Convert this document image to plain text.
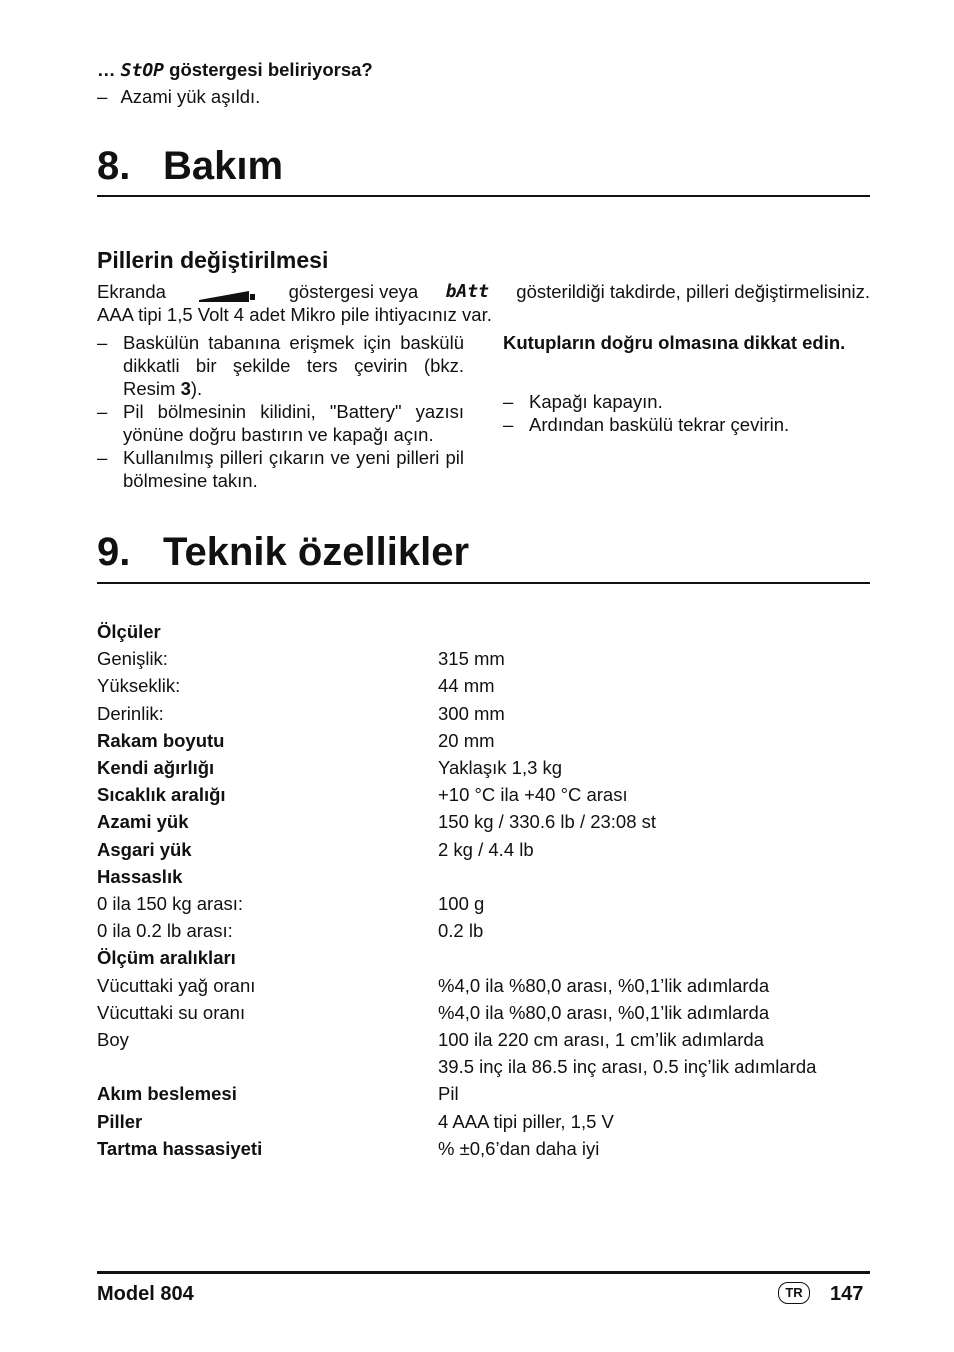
… StOP göstergesi beliriyorsa?
– Azami yük aşıldı.
8. Bakım
Pillerin değiştirilmesi
Ekranda	göstergesi veya bAtt gösterildiği takdirde, pilleri değiştirmelisiniz.
AAA tipi 1,5 Volt 4 adet Mikro pile ihtiyacınız var.
– Baskülün tabanına erişmek için baskülü dikkatli bir şekilde ters çevirin (bkz. Resim 3).
– Pil bölmesinin kilidini, "Battery" yazısı yönüne doğru bastırın ve kapağı açın.
– Kullanılmış pilleri çıkarın ve yeni pilleri pil bölmesine takın.
Kutupların doğru olmasına dikkat edin.
– Kapağı kapayın.
– Ardından baskülü tekrar çevirin.
9. Teknik özellikler
Ölçüler
Genişlik:	315 mm
Yükseklik:	44 mm
Derinlik:	300 mm
Rakam boyutu	20 mm
Kendi ağırlığı	Yaklaşık 1,3 kg
Sıcaklık aralığı	+10 °C ila +40 °C arası
Azami yük	150 kg / 330.6 lb / 23:08 st
Asgari yük	2 kg / 4.4 lb
Hassaslık
0 ila 150 kg arası:	100 g
0 ila 0.2 lb arası:	0.2 lb
Ölçüm aralıkları
Vücuttaki yağ oranı	%4,0 ila %80,0 arası, %0,1’lik adımlarda
Vücuttaki su oranı	%4,0 ila %80,0 arası, %0,1’lik adımlarda
Boy	100 ila 220 cm arası, 1 cm’lik adımlarda
39.5 inç ila 86.5 inç arası, 0.5 inç’lik adımlarda
Akım beslemesi	Pil
Piller	4 AAA tipi piller, 1,5 V
Tartma hassasiyeti	% ±0,6’dan daha iyi
Model 804	TR	147
